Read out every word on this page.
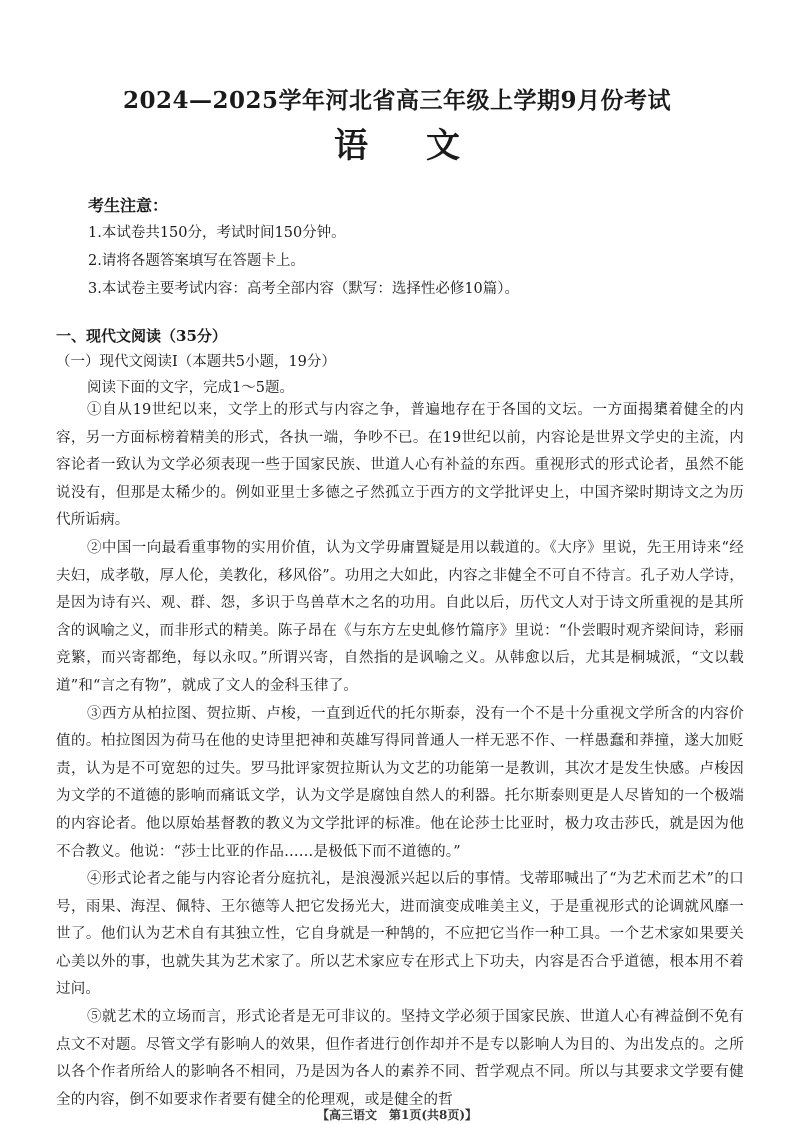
2024—2025学年河北省高三年级上学期9月份考试
语文
考生注意：
1.本试卷共150分，考试时间150分钟。
2.请将各题答案填写在答题卡上。
3.本试卷主要考试内容：高考全部内容（默写：选择性必修10篇）。
一、现代文阅读（35分）
（一）现代文阅读Ⅰ（本题共5小题，19分）
阅读下面的文字，完成1～5题。

①自从19世纪以来，文学上的形式与内容之争，普遍地存在于各国的文坛。一方面揭橥着健全的内容，另一方面标榜着精美的形式，各执一端，争吵不已。在19世纪以前，内容论是世界文学史的主流，内容论者一致认为文学必须表现一些于国家民族、世道人心有补益的东西。重视形式的形式论者，虽然不能说没有，但那是太稀少的。例如亚里士多德之孑然孤立于西方的文学批评史上，中国齐梁时期诗文之为历代所诟病。

②中国一向最看重事物的实用价值，认为文学毋庸置疑是用以载道的。《大序》里说，先王用诗来“经夫妇，成孝敬，厚人伦，美教化，移风俗”。功用之大如此，内容之非健全不可自不待言。孔子劝人学诗，是因为诗有兴、观、群、怨，多识于鸟兽草木之名的功用。自此以后，历代文人对于诗文所重视的是其所含的讽喻之义，而非形式的精美。陈子昂在《与东方左史虬修竹篇序》里说：“仆尝暇时观齐梁间诗，彩丽竞繁，而兴寄都绝，每以永叹。”所谓兴寄，自然指的是讽喻之义。从韩愈以后，尤其是桐城派，“文以载道”和“言之有物”，就成了文人的金科玉律了。

③西方从柏拉图、贺拉斯、卢梭，一直到近代的托尔斯泰，没有一个不是十分重视文学所含的内容价值的。柏拉图因为荷马在他的史诗里把神和英雄写得同普通人一样无恶不作、一样愚蠢和莽撞，遂大加贬责，认为是不可宽恕的过失。罗马批评家贺拉斯认为文艺的功能第一是教训，其次才是发生快感。卢梭因为文学的不道德的影响而痛诋文学，认为文学是腐蚀自然人的利器。托尔斯泰则更是人尽皆知的一个极端的内容论者。他以原始基督教的教义为文学批评的标准。他在论莎士比亚时，极力攻击莎氏，就是因为他不合教义。他说：“莎士比亚的作品……是极低下而不道德的。”

④形式论者之能与内容论者分庭抗礼，是浪漫派兴起以后的事情。戈蒂耶喊出了“为艺术而艺术”的口号，雨果、海涅、佩特、王尔德等人把它发扬光大，进而演变成唯美主义，于是重视形式的论调就风靡一世了。他们认为艺术自有其独立性，它自身就是一种鹄的，不应把它当作一种工具。一个艺术家如果要关心美以外的事，也就失其为艺术家了。所以艺术家应专在形式上下功夫，内容是否合乎道德，根本用不着过问。

⑤就艺术的立场而言，形式论者是无可非议的。坚持文学必须于国家民族、世道人心有裨益倒不免有点文不对题。尽管文学有影响人的效果，但作者进行创作却并不是专以影响人为目的、为出发点的。之所以各个作者所给人的影响各不相同，乃是因为各人的素养不同、哲学观点不同。所以与其要求文学要有健全的内容，倒不如要求作者要有健全的伦理观，或是健全的哲

【高三语文　第1页(共8页)】
